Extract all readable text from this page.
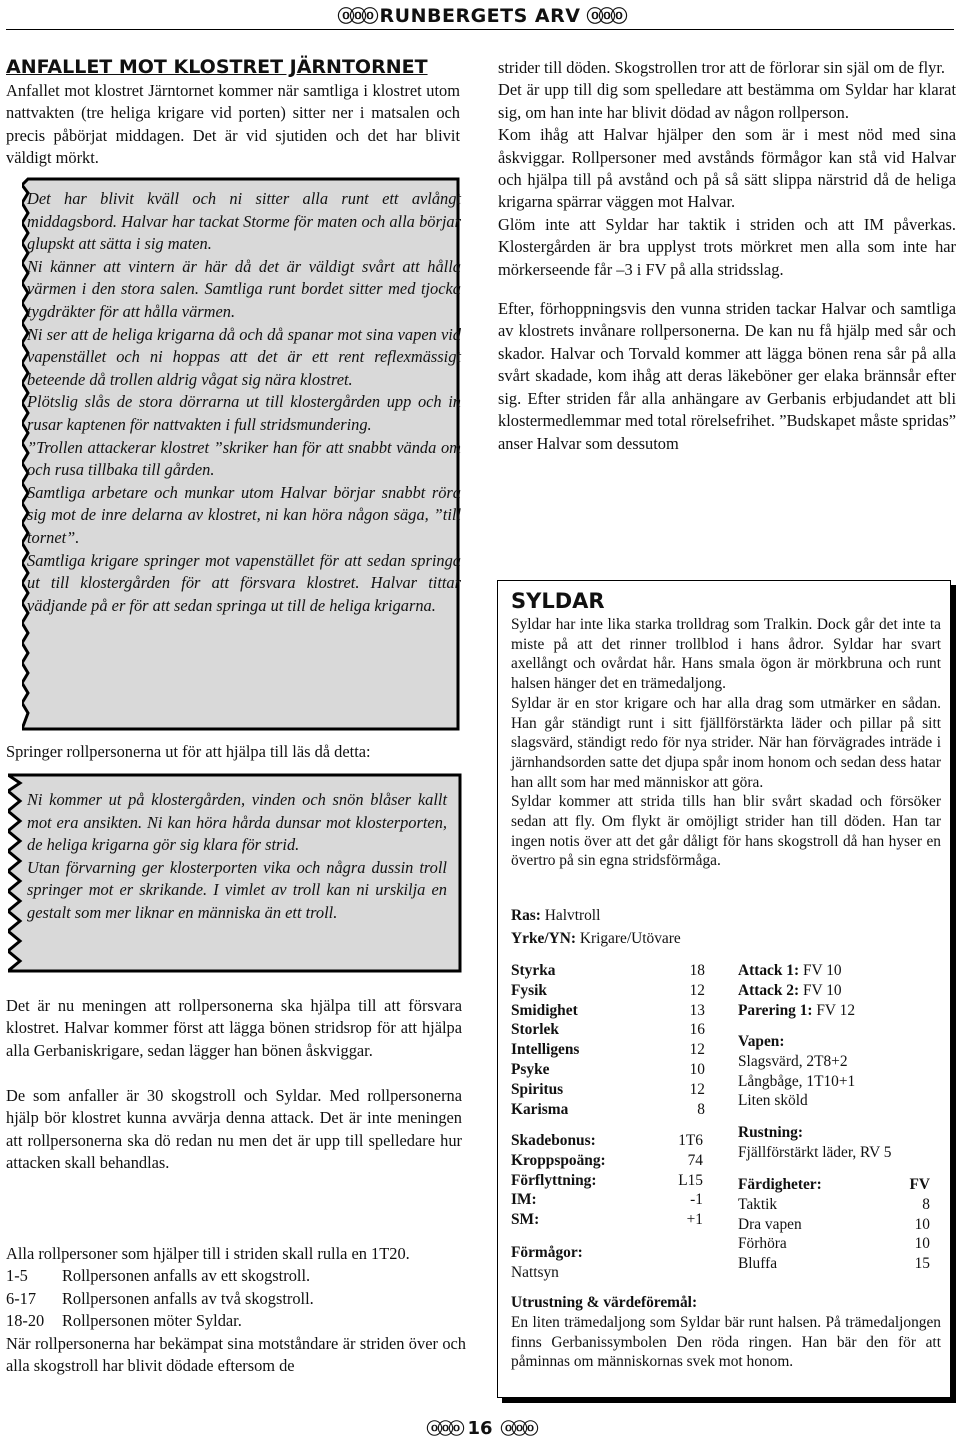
ⓞⓞⓞ RUNBERGETS ARV ⓞⓞⓞ
ANFALLET MOT KLOSTRET JÄRNTORNET

Anfallet mot klostret Järntornet kommer när samtliga i klostret utom nattvakten (tre heliga krigare vid porten) sitter ner i matsalen och precis påbörjat middagen. Det är vid sjutiden och det har blivit väldigt mörkt.

Det har blivit kväll och ni sitter alla runt ett avlångt middagsbord. Halvar har tackat Storme för maten och alla börjar glupskt att sätta i sig maten.

Ni känner att vintern är här då det är väldigt svårt att hålla värmen i den stora salen. Samtliga runt bordet sitter med tjocka tygdräkter för att hålla värmen.

Ni ser att de heliga krigarna då och då spanar mot sina vapen vid vapenstället och ni hoppas att det är ett rent reflexmässigt beteende då trollen aldrig vågat sig nära klostret.

Plötslig slås de stora dörrarna ut till klostergården upp och in rusar kaptenen för nattvakten i full stridsmundering.

”Trollen attackerar klostret ”skriker han för att snabbt vända om och rusa tillbaka till gården.

Samtliga arbetare och munkar utom Halvar börjar snabbt röra sig mot de inre delarna av klostret, ni kan höra någon säga, ”till tornet”.

Samtliga krigare springer mot vapenstället för att sedan springa ut till klostergården för att försvara klostret. Halvar tittar vädjande på er för att sedan springa ut till de heliga krigarna.

Springer rollpersonerna ut för att hjälpa till läs då detta:

Ni kommer ut på klostergården, vinden och snön blåser kallt mot era ansikten. Ni kan höra hårda dunsar mot klosterporten, de heliga krigarna gör sig klara för strid.

Utan förvarning ger klosterporten vika och några dussin troll springer mot er skrikande. I vimlet av troll kan ni urskilja en gestalt som mer liknar en människa än ett troll.

Det är nu meningen att rollpersonerna ska hjälpa till att försvara klostret. Halvar kommer först att lägga bönen stridsrop för att hjälpa alla Gerbaniskrigare, sedan lägger han bönen åskviggar.
De som anfaller är 30 skogstroll och Syldar. Med rollpersonerna hjälp bör klostret kunna avvärja denna attack. Det är inte meningen att rollpersonerna ska dö redan nu men det är upp till spelledare hur attacken skall behandlas.

Alla rollpersoner som hjälper till i striden skall rulla en 1T20.

1-5	Rollpersonen anfalls av ett skogstroll.
6-17	Rollpersonen anfalls av två skogstroll.
18-20	Rollpersonen möter Syldar.

När rollpersonerna har bekämpat sina motståndare är striden över och alla skogstroll har blivit dödade eftersom de

strider till döden. Skogstrollen tror att de förlorar sin själ om de flyr.

Det är upp till dig som spelledare att bestämma om Syldar har klarat sig, om han inte har blivit dödad av någon rollperson.

Kom ihåg att Halvar hjälper den som är i mest nöd med sina åskviggar. Rollpersoner med avstånds förmågor kan stå vid Halvar och hjälpa till på avstånd och på så sätt slippa närstrid då de heliga krigarna spärrar väggen mot Halvar.

Glöm inte att Syldar har taktik i striden och att IM påverkas. Klostergården är bra upplyst trots mörkret men alla som inte har mörkerseende får –3 i FV på alla stridsslag.

Efter, förhoppningsvis den vunna striden tackar Halvar och samtliga av klostrets invånare rollpersonerna. De kan nu få hjälp med sår och skador. Halvar och Torvald kommer att lägga bönen rena sår på alla svårt skadade, kom ihåg att deras läkeböner ger elaka brännsår efter sig. Efter striden får alla anhängare av Gerbanis erbjudandet att bli klostermedlemmar med total rörelsefrihet. ”Budskapet måste spridas” anser Halvar som dessutom

SYLDAR

Syldar har inte lika starka trolldrag som Tralkin. Dock går det inte ta miste på att det rinner trollblod i hans ådror. Syldar har svart axellångt och ovårdat hår. Hans smala ögon är mörkbruna och runt halsen hänger det en trämedaljong.

Syldar är en stor krigare och har alla drag som utmärker en sådan. Han går ständigt runt i sitt fjällförstärkta läder och pillar på sitt slagsvärd, ständigt redo för nya strider. När han förvägrades inträde i järnhandsorden satte det djupa spår inom honom och sedan dess hatar han allt som har med människor att göra.

Syldar kommer att strida tills han blir svårt skadad och försöker sedan att fly. Om flykt är omöjligt strider han till döden. Han tar ingen notis över att det går dåligt för hans skogstroll då han hyser en övertro på sin egna stridsförmåga.

Ras: Halvtroll
Yrke/YN: Krigare/Utövare
Styrka	18
Fysik	12
Smidighet	13
Storlek	16
Intelligens	12
Psyke	10
Spiritus	12
Karisma	8
Skadebonus:	1T6
Kroppspoäng:	74
Förflyttning:	L15
IM:	-1
SM:	+1
Förmågor:
Nattsyn
Attack 1: FV 10
Attack 2: FV 10
Parering 1: FV 12
Vapen:
Slagsvärd, 2T8+2
Långbåge, 1T10+1
Liten sköld
Rustning:
Fjällförstärkt läder, RV 5
Färdigheter:	FV
Taktik	8
Dra vapen	10
Förhöra	10
Bluffa	15
Utrustning & värdeföremål:
En liten trämedaljong som Syldar bär runt halsen. På trämedaljongen finns Gerbanissymbolen Den röda ringen. Han bär den för att påminnas om människornas svek mot honom.
ⓞⓞⓞ 16 ⓞⓞⓞ
